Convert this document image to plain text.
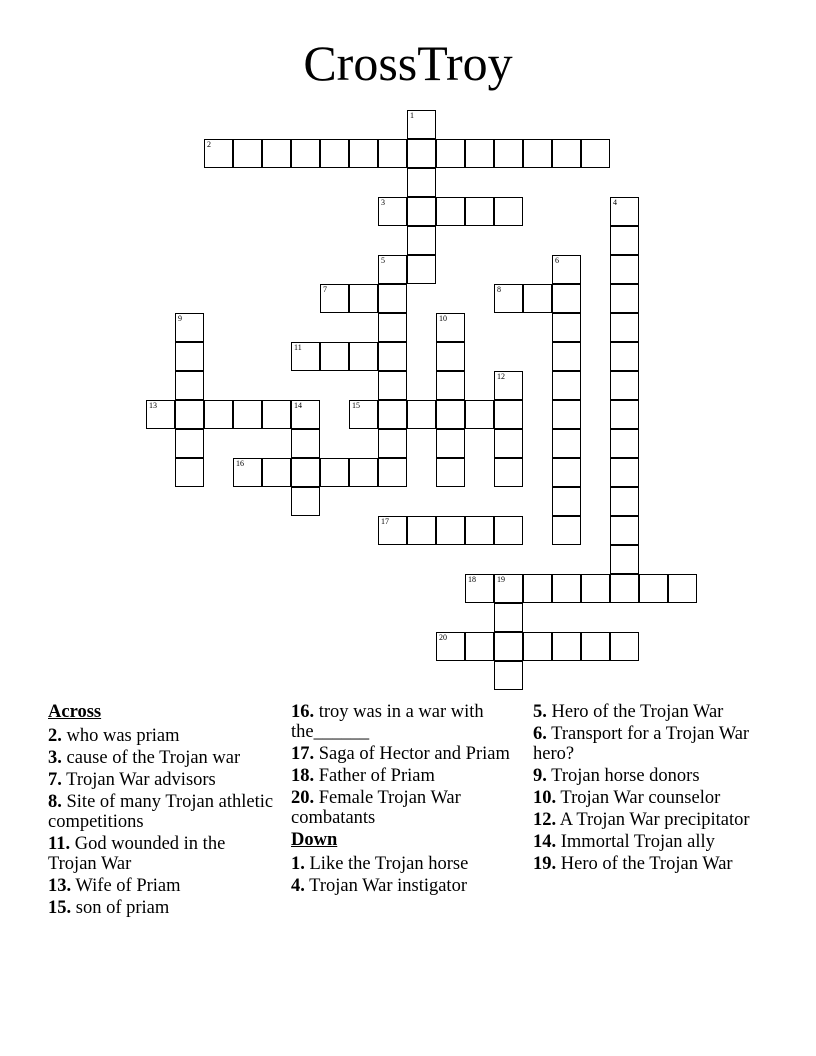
CrossTroy
1
2
3	4
5	6
7	8
9	10
11
12
13	14	15
16
17
18	19
20
Across
2. who was priam
3. cause of the Trojan war
7. Trojan War advisors
8. Site of many Trojan athletic competitions
11. God wounded in the Trojan War
13. Wife of Priam
15. son of priam
16. troy was in a war with the______
17. Saga of Hector and Priam
18. Father of Priam
20. Female Trojan War combatants
Down
1. Like the Trojan horse
4. Trojan War instigator
5. Hero of the Trojan War
6. Transport for a Trojan War hero?
9. Trojan horse donors
10. Trojan War counselor
12. A Trojan War precipitator
14. Immortal Trojan ally
19. Hero of the Trojan War
